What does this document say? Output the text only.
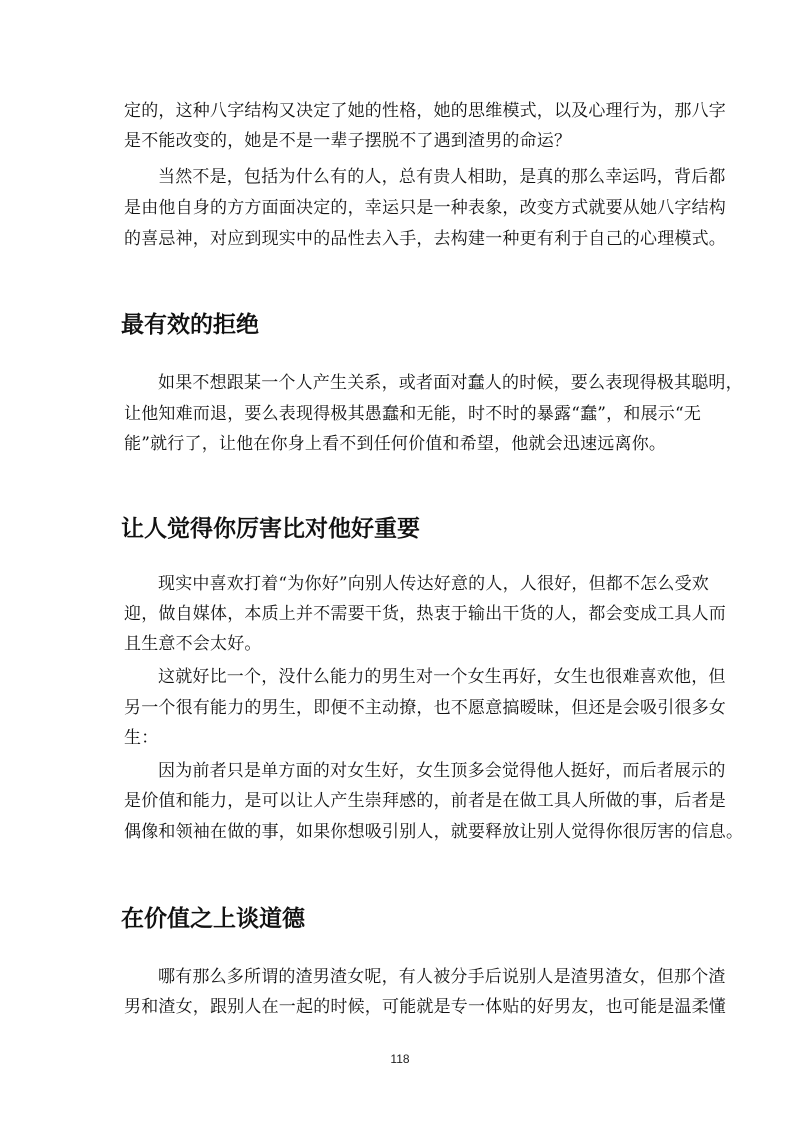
定的，这种八字结构又决定了她的性格，她的思维模式，以及心理行为，那八字
是不能改变的，她是不是一辈子摆脱不了遇到渣男的命运？
当然不是，包括为什么有的人，总有贵人相助，是真的那么幸运吗，背后都
是由他自身的方方面面决定的，幸运只是一种表象，改变方式就要从她八字结构
的喜忌神，对应到现实中的品性去入手，去构建一种更有利于自己的心理模式。
最有效的拒绝
如果不想跟某一个人产生关系，或者面对蠢人的时候，要么表现得极其聪明，
让他知难而退，要么表现得极其愚蠢和无能，时不时的暴露“蠢”，和展示“无
能”就行了，让他在你身上看不到任何价值和希望，他就会迅速远离你。
让人觉得你厉害比对他好重要
现实中喜欢打着“为你好”向别人传达好意的人，人很好，但都不怎么受欢
迎，做自媒体，本质上并不需要干货，热衷于输出干货的人，都会变成工具人而
且生意不会太好。
这就好比一个，没什么能力的男生对一个女生再好，女生也很难喜欢他，但
另一个很有能力的男生，即便不主动撩，也不愿意搞暧昧，但还是会吸引很多女
生：
因为前者只是单方面的对女生好，女生顶多会觉得他人挺好，而后者展示的
是价值和能力，是可以让人产生崇拜感的，前者是在做工具人所做的事，后者是
偶像和领袖在做的事，如果你想吸引别人，就要释放让别人觉得你很厉害的信息。
在价值之上谈道德
哪有那么多所谓的渣男渣女呢，有人被分手后说别人是渣男渣女，但那个渣
男和渣女，跟别人在一起的时候，可能就是专一体贴的好男友，也可能是温柔懂
118
